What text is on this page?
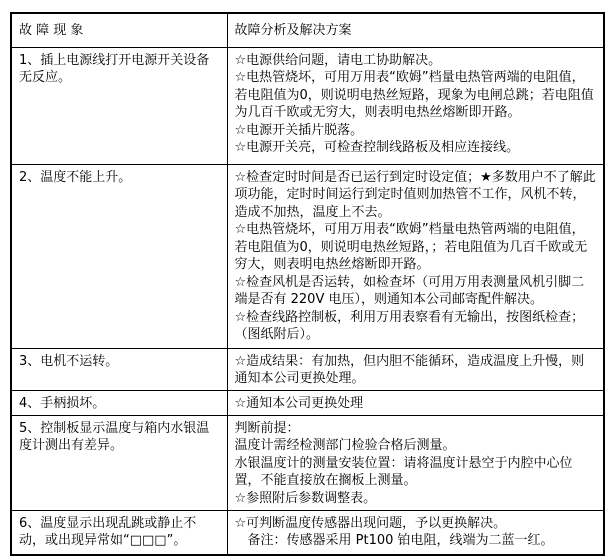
故 障 现 象	故障分析及解决方案

1、插上电源线打开电源开关设备无反应。	☆电源供给问题，请电工协助解决。
☆电热管烧坏，可用万用表“欧姆”档量电热管两端的电阻值，若电阻值为0，则说明电热丝短路，现象为电闸总跳；若电阻值为几百千欧或无穷大，则表明电热丝熔断即开路。
☆电源开关插片脱落。
☆电源开关亮，可检查控制线路板及相应连接线。

2、温度不能上升。	☆检查定时时间是否已运行到定时设定值；★多数用户不了解此项功能，定时时间运行到定时值则加热管不工作，风机不转，造成不加热，温度上不去。
☆电热管烧坏，可用万用表“欧姆”档量电热管两端的电阻值，若电阻值为0，则说明电热丝短路，；若电阻值为几百千欧或无穷大，则表明电热丝熔断即开路。
☆检查风机是否运转，如检查坏（可用万用表测量风机引脚二端是否有 220V 电压），则通知本公司邮寄配件解决。
☆检查线路控制板，利用万用表察看有无输出，按图纸检查；（图纸附后）。

3、电机不运转。	☆造成结果：有加热，但内胆不能循环，造成温度上升慢，则通知本公司更换处理。

4、手柄损坏。	☆通知本公司更换处理

5、控制板显示温度与箱内水银温度计测出有差异。	判断前提：
温度计需经检测部门检验合格后测量。
水银温度计的测量安装位置：请将温度计悬空于内腔中心位置，不能直接放在搁板上测量。
☆参照附后参数调整表。

6、温度显示出现乱跳或静止不动，或出现异常如“□□□”。	☆可判断温度传感器出现问题，予以更换解决。
　备注：传感器采用 Pt100 铂电阻，线端为二蓝一红。
